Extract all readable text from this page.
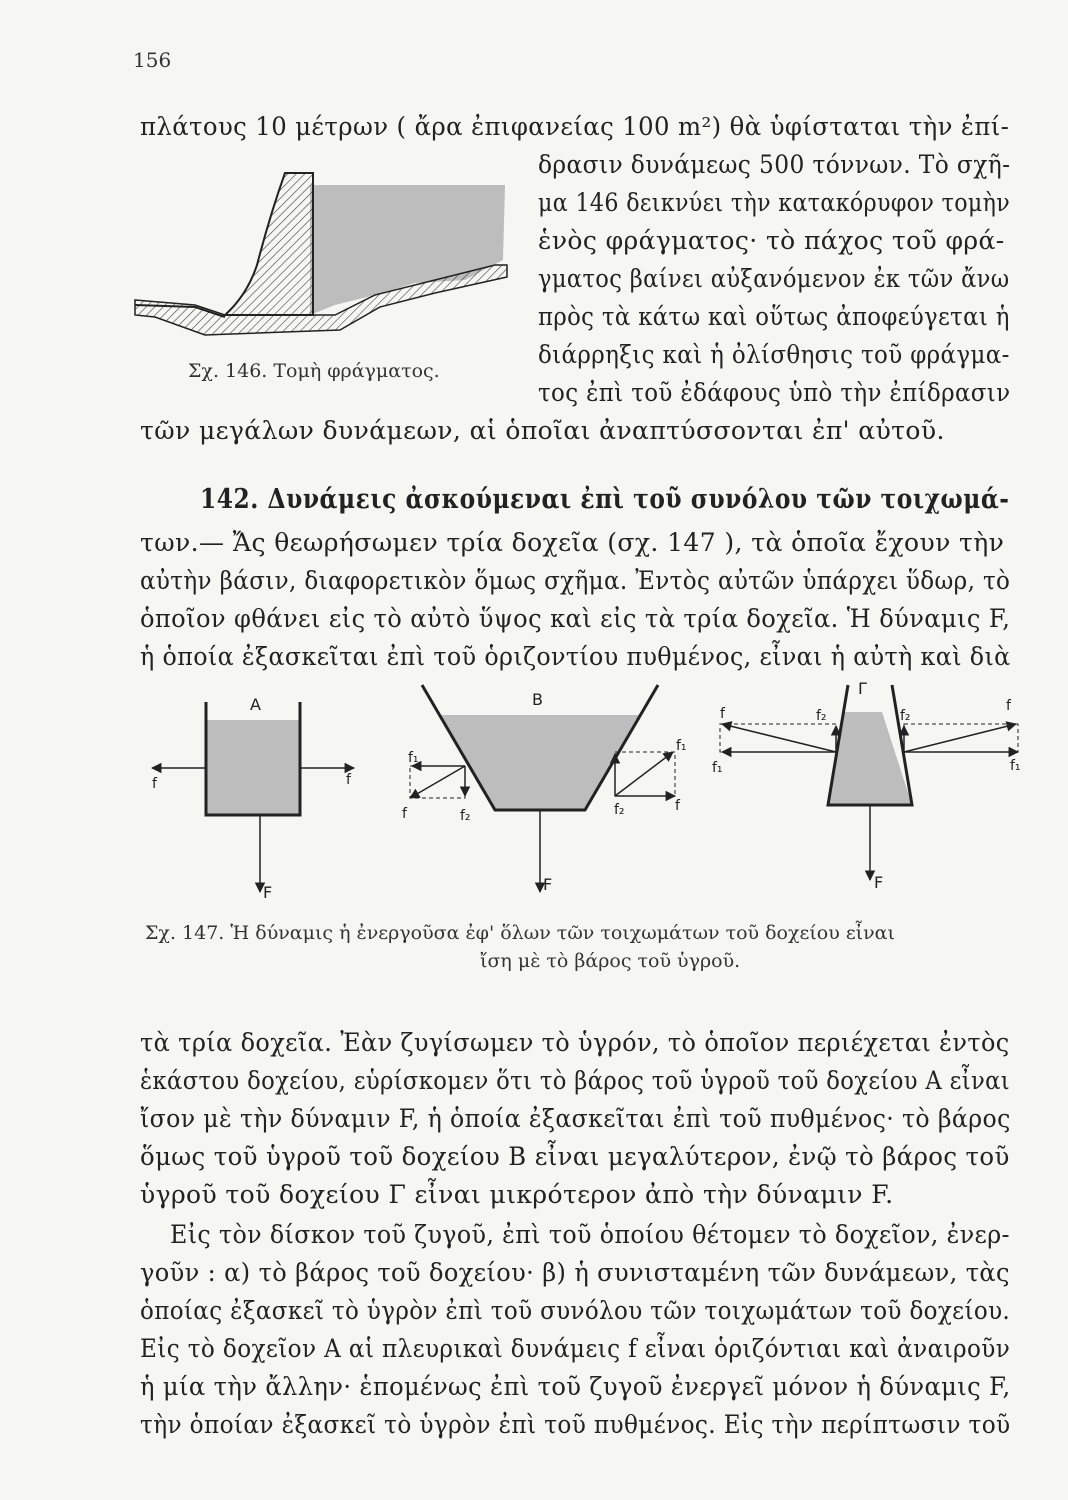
156
πλάτους 10 μέτρων ( ἄρα ἐπιφανείας 100 m²) θὰ ὑφίσταται τὴν ἐπί-
δρασιν δυνάμεως 500 τόννων. Τὸ σχῆ-
μα 146 δεικνύει τὴν κατακόρυφον τομὴν
ἑνὸς φράγματος· τὸ πάχος τοῦ φρά-
γματος βαίνει αὐξανόμενον ἐκ τῶν ἄνω
πρὸς τὰ κάτω καὶ οὕτως ἀποφεύγεται ἡ
διάρρηξις καὶ ἡ ὀλίσθησις τοῦ φράγμα-
τος ἐπὶ τοῦ ἐδάφους ὑπὸ τὴν ἐπίδρασιν
τῶν μεγάλων δυνάμεων, αἱ ὁποῖαι ἀναπτύσσονται ἐπ' αὐτοῦ.
Σχ. 146. Τομὴ φράγματος.
142. Δυνάμεις ἀσκούμεναι ἐπὶ τοῦ συνόλου τῶν τοιχωμά-
των.— Ἄς θεωρήσωμεν τρία δοχεῖα (σχ. 147 ), τὰ ὁποῖα ἔχουν τὴν
αὐτὴν βάσιν, διαφορετικὸν ὅμως σχῆμα. Ἐντὸς αὐτῶν ὑπάρχει ὕδωρ, τὸ
ὁποῖον φθάνει εἰς τὸ αὐτὸ ὕψος καὶ εἰς τὰ τρία δοχεῖα. Ἡ δύναμις F,
ἡ ὁποία ἐξασκεῖται ἐπὶ τοῦ ὁριζοντίου πυθμένος, εἶναι ἡ αὐτὴ καὶ διὰ
A
f	f
F
B
f₁
f	f₂
f₁
f₂	f
F
Γ
f
f₁
f₂
f
f₁
f₂
F
Σχ. 147. Ἡ δύναμις ἡ ἐνεργοῦσα ἐφ' ὅλων τῶν τοιχωμάτων τοῦ δοχείου εἶναι
ἴση μὲ τὸ βάρος τοῦ ὑγροῦ.
τὰ τρία δοχεῖα. Ἐὰν ζυγίσωμεν τὸ ὑγρόν, τὸ ὁποῖον περιέχεται ἐντὸς
ἑκάστου δοχείου, εὑρίσκομεν ὅτι τὸ βάρος τοῦ ὑγροῦ τοῦ δοχείου A εἶναι
ἴσον μὲ τὴν δύναμιν F, ἡ ὁποία ἐξασκεῖται ἐπὶ τοῦ πυθμένος· τὸ βάρος
ὅμως τοῦ ὑγροῦ τοῦ δοχείου B εἶναι μεγαλύτερον, ἐνῷ τὸ βάρος τοῦ
ὑγροῦ τοῦ δοχείου Γ εἶναι μικρότερον ἀπὸ τὴν δύναμιν F.
Εἰς τὸν δίσκον τοῦ ζυγοῦ, ἐπὶ τοῦ ὁποίου θέτομεν τὸ δοχεῖον, ἐνερ-
γοῦν : α) τὸ βάρος τοῦ δοχείου· β) ἡ συνισταμένη τῶν δυνάμεων, τὰς
ὁποίας ἐξασκεῖ τὸ ὑγρὸν ἐπὶ τοῦ συνόλου τῶν τοιχωμάτων τοῦ δοχείου.
Εἰς τὸ δοχεῖον A αἱ πλευρικαὶ δυνάμεις f εἶναι ὁριζόντιαι καὶ ἀναιροῦν
ἡ μία τὴν ἄλλην· ἑπομένως ἐπὶ τοῦ ζυγοῦ ἐνεργεῖ μόνον ἡ δύναμις F,
τὴν ὁποίαν ἐξασκεῖ τὸ ὑγρὸν ἐπὶ τοῦ πυθμένος. Εἰς τὴν περίπτωσιν τοῦ
